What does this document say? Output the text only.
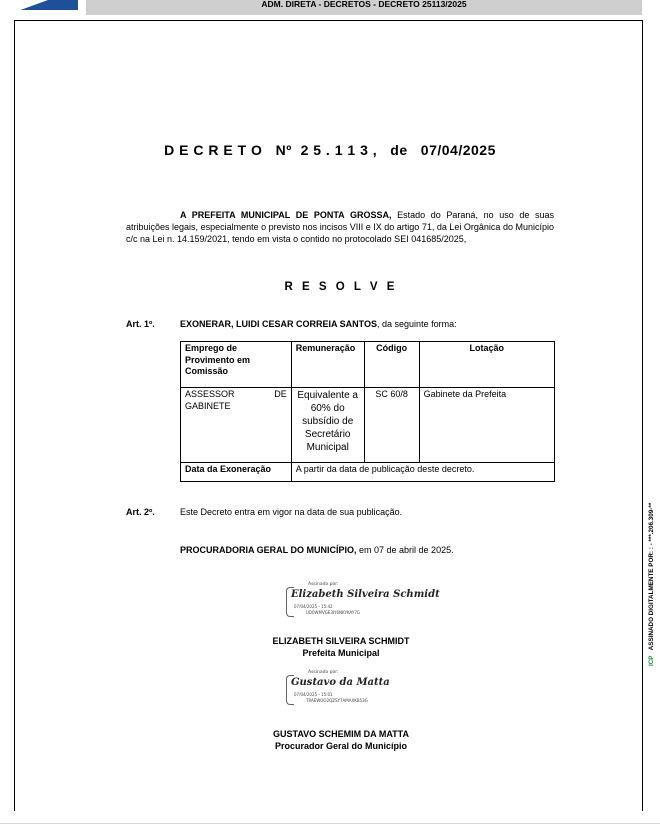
ADM. DIRETA - DECRETOS - DECRETO 25113/2025
D E C R E T O   Nº  2 5 . 1 1 3 ,   de   07/04/2025
A PREFEITA MUNICIPAL DE PONTA GROSSA, Estado do Paraná, no uso de suas atribuições legais, especialmente o previsto nos incisos VIII e IX do artigo 71, da Lei Orgânica do Município c/c na Lei n. 14.159/2021, tendo em vista o contido no protocolado SEI 041685/2025,
R E S O L V E
Art. 1º.	EXONERAR, LUIDI CESAR CORREIA SANTOS, da seguinte forma:
Emprego de Provimento em Comissão	Remuneração	Código	Lotação

ASSESSOR DE
GABINETE	Equivalente a 60% do subsídio de Secretário Municipal	SC 60/8	Gabinete da Prefeita
Data da Exoneração	A partir da data de publicação deste decreto.		
Art. 2º.	Este Decreto entra em vigor na data de sua publicação.
PROCURADORIA GERAL DO MUNICÍPIO, em 07 de abril de 2025.
Assinado por:
Elizabeth Silveira Schmidt
07/04/2025 - 15:42
UD0WMVGE3IY6NKYKAY7G
ELIZABETH SILVEIRA SCHMIDT
Prefeita Municipal
Assinado por:
Gustavo da Matta
07/04/2025 - 15:01
TRAEWOO2QZSY7AMAXKB53G
GUSTAVO SCHEMIM DA MATTA
Procurador Geral do Município
ICP   ASSINADO DIGITALMENTE POR: : - ***.206.309-**
